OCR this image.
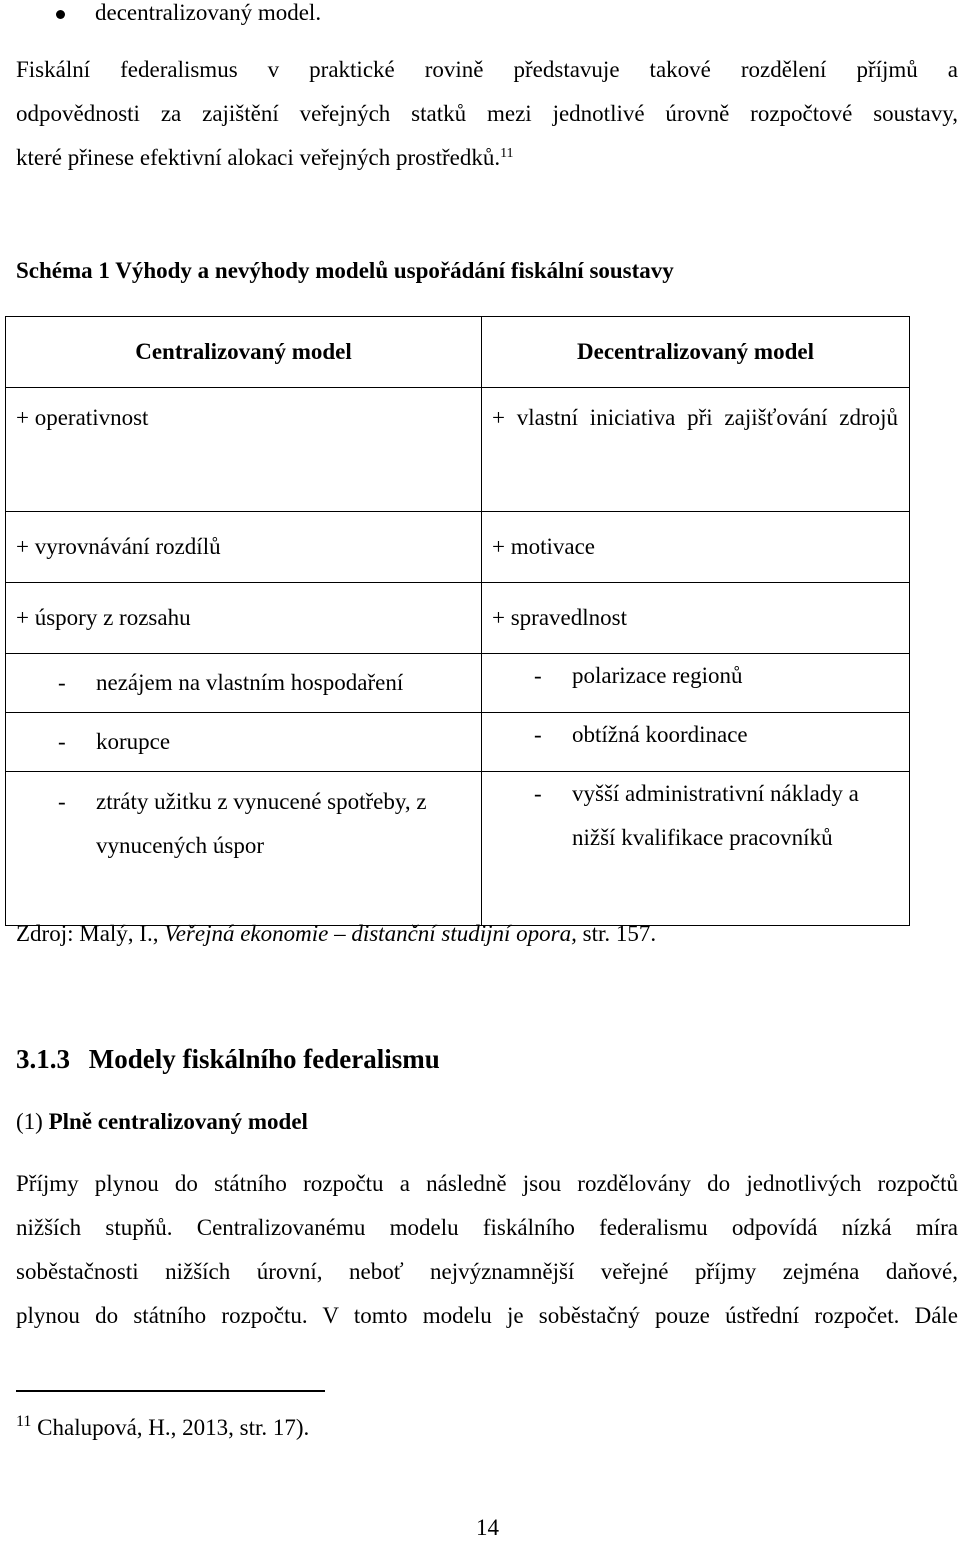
decentralizovaný model.
Fiskální federalismus v praktické rovině představuje takové rozdělení příjmů a
odpovědnosti za zajištění veřejných statků mezi jednotlivé úrovně rozpočtové soustavy,
které přinese efektivní alokaci veřejných prostředků.$^{11}$
Schéma 1 Výhody a nevýhody modelů uspořádání fiskální soustavy
Centralizovaný model	Decentralizovaný model
+ operativnost	+ vlastní iniciativa při zajišťování zdrojů
+ vyrovnávání rozdílů	+ motivace
+ úspory z rozsahu	+ spravedlnost

- nezájem na vlastním hospodaření	- polarizace regionů

- korupce	- obtížná koordinace

- ztráty užitku z vynucené spotřeby, z vynucených úspor	- vyšší administrativní náklady a nižší kvalifikace pracovníků
Zdroj: Malý, I., Veřejná ekonomie – distanční studijní opora, str. 157.
3.1.3 Modely fiskálního federalismu
(1) Plně centralizovaný model
Příjmy plynou do státního rozpočtu a následně jsou rozdělovány do jednotlivých rozpočtů
nižších stupňů. Centralizovanému modelu fiskálního federalismu odpovídá nízká míra
soběstačnosti nižších úrovní, neboť nejvýznamnější veřejné příjmy zejména daňové,
plynou do státního rozpočtu. V tomto modelu je soběstačný pouze ústřední rozpočet. Dále
$^{11}$ Chalupová, H., 2013, str. 17).
14
